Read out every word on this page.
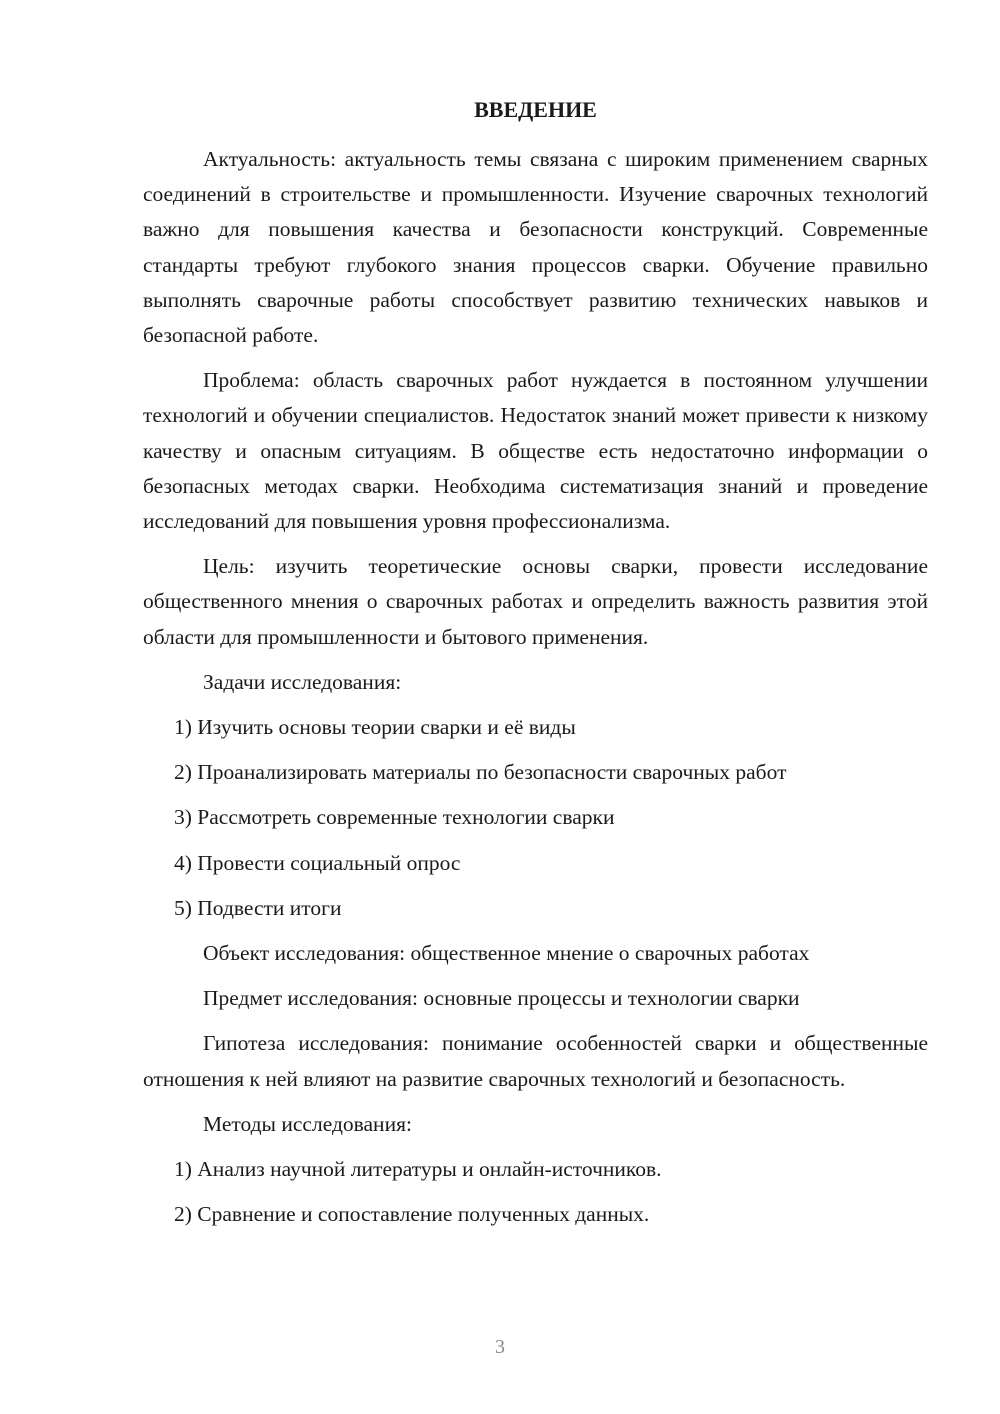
ВВЕДЕНИЕ

Актуальность: актуальность темы связана с широким применением сварных соединений в строительстве и промышленности. Изучение сварочных технологий важно для повышения качества и безопасности конструкций. Современные стандарты требуют глубокого знания процессов сварки. Обучение правильно выполнять сварочные работы способствует развитию технических навыков и безопасной работе.

Проблема: область сварочных работ нуждается в постоянном улучшении технологий и обучении специалистов. Недостаток знаний может привести к низкому качеству и опасным ситуациям. В обществе есть недостаточно информации о безопасных методах сварки. Необходима систематизация знаний и проведение исследований для повышения уровня профессионализма.

Цель: изучить теоретические основы сварки, провести исследование общественного мнения о сварочных работах и определить важность развития этой области для промышленности и бытового применения.

Задачи исследования:
1) Изучить основы теории сварки и её виды
2) Проанализировать материалы по безопасности сварочных работ
3) Рассмотреть современные технологии сварки
4) Провести социальный опрос
5) Подвести итоги
Объект исследования: общественное мнение о сварочных работах
Предмет исследования: основные процессы и технологии сварки

Гипотеза исследования: понимание особенностей сварки и общественные отношения к ней влияют на развитие сварочных технологий и безопасность.

Методы исследования:
1) Анализ научной литературы и онлайн-источников.
2) Сравнение и сопоставление полученных данных.
3
